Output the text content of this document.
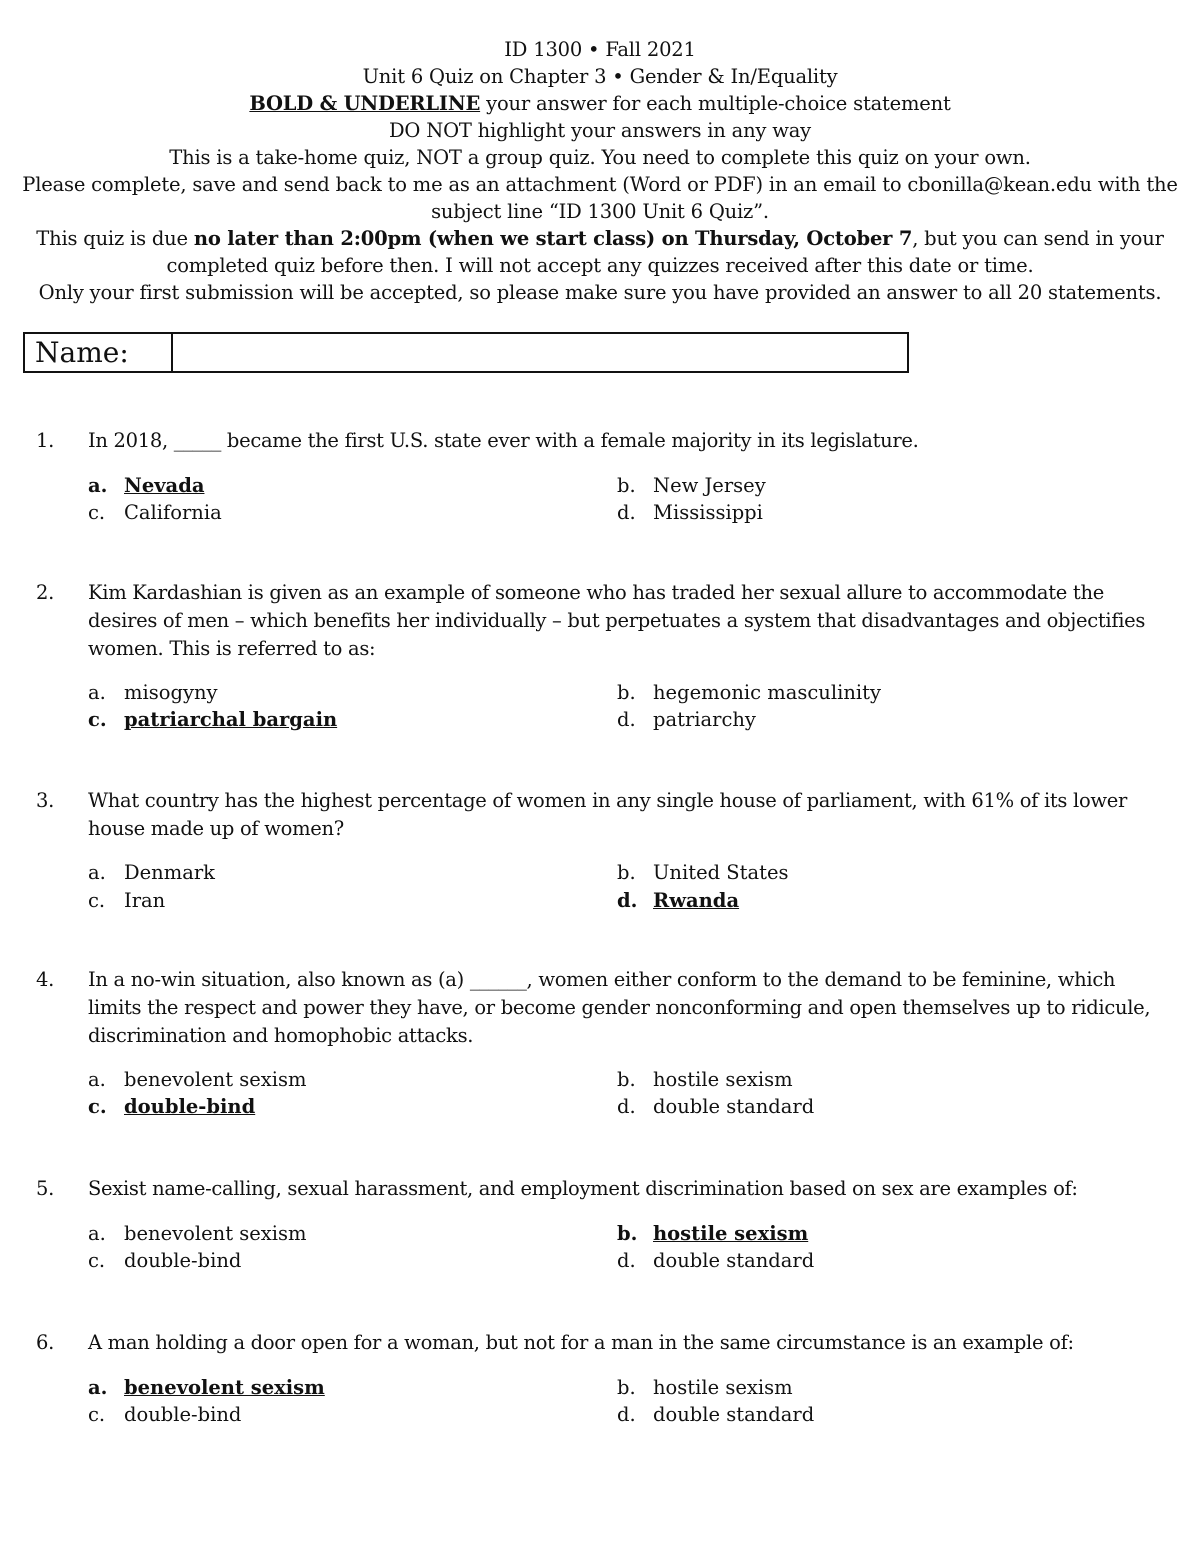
ID 1300 • Fall 2021
Unit 6 Quiz on Chapter 3 • Gender & In/Equality
BOLD & UNDERLINE your answer for each multiple-choice statement
DO NOT highlight your answers in any way
This is a take-home quiz, NOT a group quiz. You need to complete this quiz on your own.
Please complete, save and send back to me as an attachment (Word or PDF) in an email to cbonilla@kean.edu with the subject line “ID 1300 Unit 6 Quiz”.
This quiz is due no later than 2:00pm (when we start class) on Thursday, October 7, but you can send in your completed quiz before then. I will not accept any quizzes received after this date or time.
Only your first submission will be accepted, so please make sure you have provided an answer to all 20 statements.
Name:
1. In 2018, _____ became the first U.S. state ever with a female majority in its legislature.
a. Nevada	b. New Jersey
c. California	d. Mississippi
2. Kim Kardashian is given as an example of someone who has traded her sexual allure to accommodate the desires of men – which benefits her individually – but perpetuates a system that disadvantages and objectifies women. This is referred to as:
a. misogyny	b. hegemonic masculinity
c. patriarchal bargain	d. patriarchy
3. What country has the highest percentage of women in any single house of parliament, with 61% of its lower house made up of women?
a. Denmark	b. United States
c. Iran	d. Rwanda
4. In a no-win situation, also known as (a) ______, women either conform to the demand to be feminine, which limits the respect and power they have, or become gender nonconforming and open themselves up to ridicule, discrimination and homophobic attacks.
a. benevolent sexism	b. hostile sexism
c. double-bind	d. double standard
5. Sexist name-calling, sexual harassment, and employment discrimination based on sex are examples of:
a. benevolent sexism	b. hostile sexism
c. double-bind	d. double standard
6. A man holding a door open for a woman, but not for a man in the same circumstance is an example of:
a. benevolent sexism	b. hostile sexism
c. double-bind	d. double standard
